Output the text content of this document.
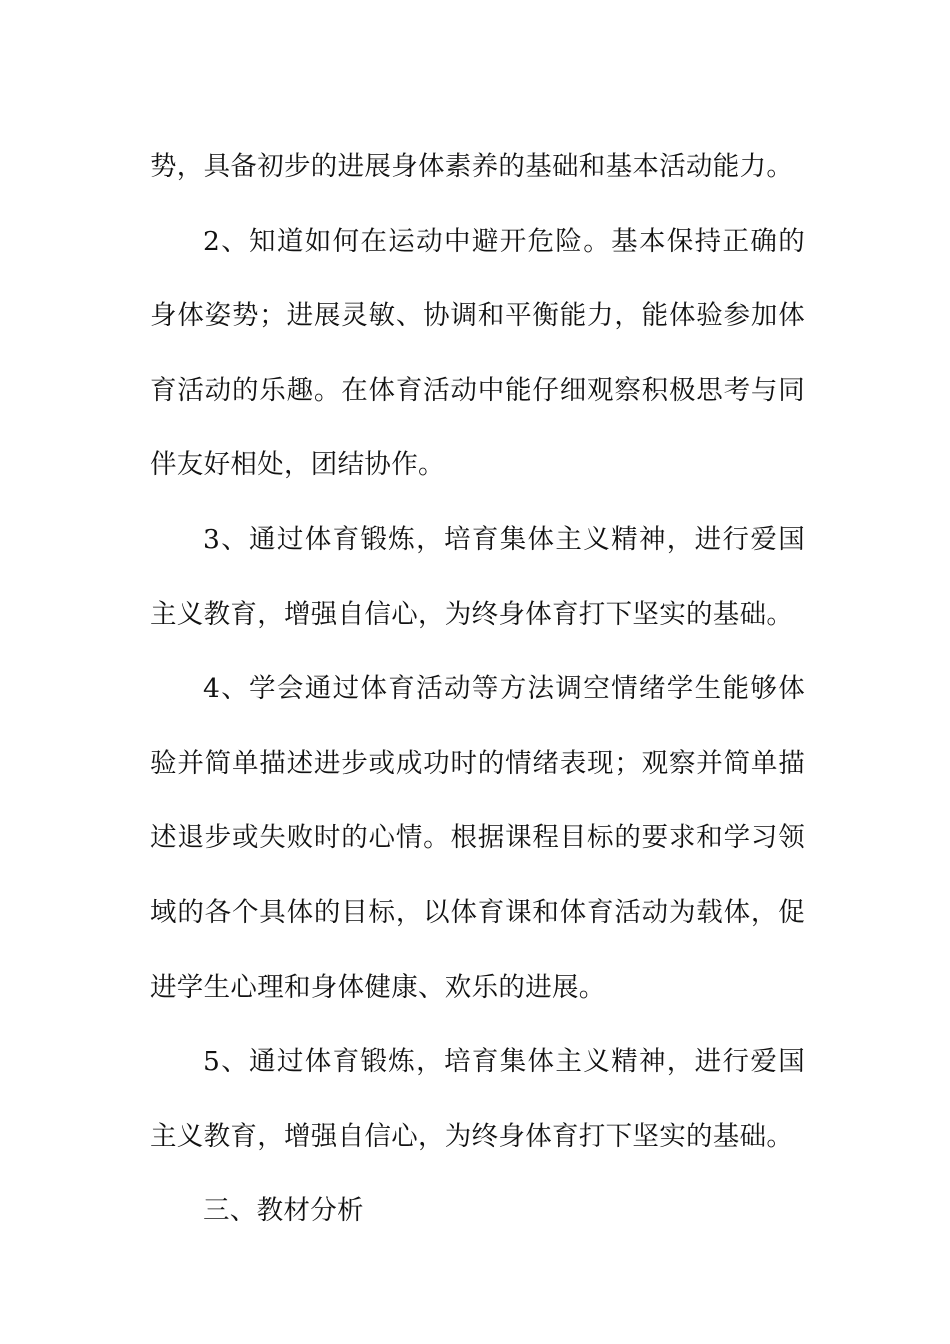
势，具备初步的进展身体素养的基础和基本活动能力。

2、知道如何在运动中避开危险。基本保持正确的身体姿势；进展灵敏、协调和平衡能力，能体验参加体育活动的乐趣。在体育活动中能仔细观察积极思考与同伴友好相处，团结协作。

3、通过体育锻炼，培育集体主义精神，进行爱国主义教育，增强自信心，为终身体育打下坚实的基础。

4、学会通过体育活动等方法调空情绪学生能够体验并简单描述进步或成功时的情绪表现；观察并简单描述退步或失败时的心情。根据课程目标的要求和学习领域的各个具体的目标，以体育课和体育活动为载体，促进学生心理和身体健康、欢乐的进展。

5、通过体育锻炼，培育集体主义精神，进行爱国主义教育，增强自信心，为终身体育打下坚实的基础。

三、教材分析
